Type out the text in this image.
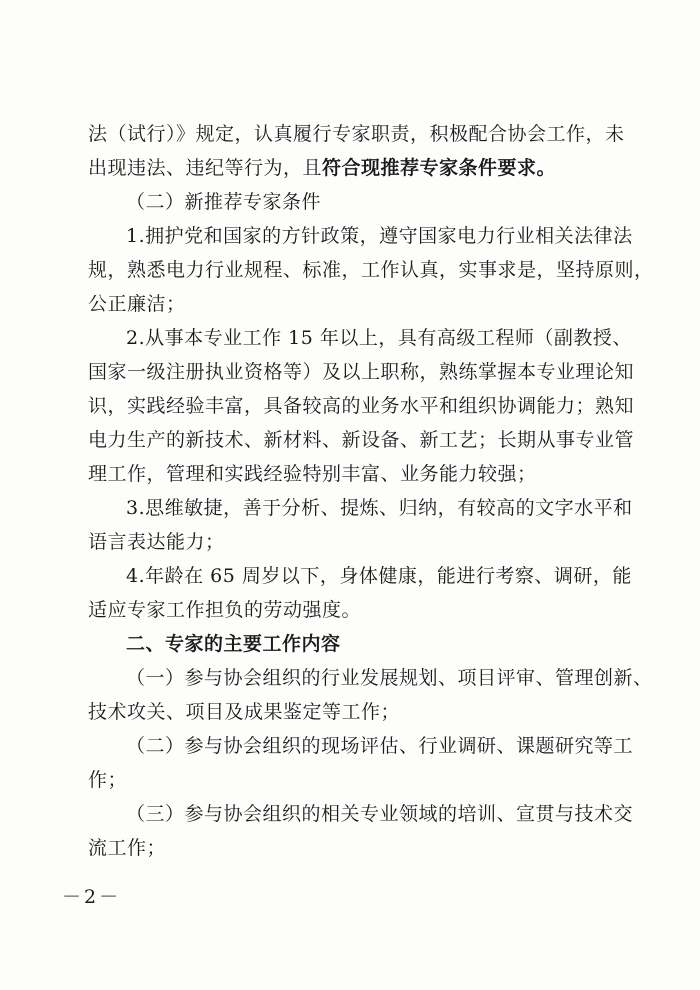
法（试行）》规定，认真履行专家职责，积极配合协会工作，未
出现违法、违纪等行为，且符合现推荐专家条件要求。
（二）新推荐专家条件
1.拥护党和国家的方针政策，遵守国家电力行业相关法律法
规，熟悉电力行业规程、标准，工作认真，实事求是，坚持原则，
公正廉洁；
2.从事本专业工作 15 年以上，具有高级工程师（副教授、
国家一级注册执业资格等）及以上职称，熟练掌握本专业理论知
识，实践经验丰富，具备较高的业务水平和组织协调能力；熟知
电力生产的新技术、新材料、新设备、新工艺；长期从事专业管
理工作，管理和实践经验特别丰富、业务能力较强；
3.思维敏捷，善于分析、提炼、归纳，有较高的文字水平和
语言表达能力；
4.年龄在 65 周岁以下，身体健康，能进行考察、调研，能
适应专家工作担负的劳动强度。
二、专家的主要工作内容
（一）参与协会组织的行业发展规划、项目评审、管理创新、
技术攻关、项目及成果鉴定等工作；
（二）参与协会组织的现场评估、行业调研、课题研究等工
作；
（三）参与协会组织的相关专业领域的培训、宣贯与技术交
流工作；
－2－
